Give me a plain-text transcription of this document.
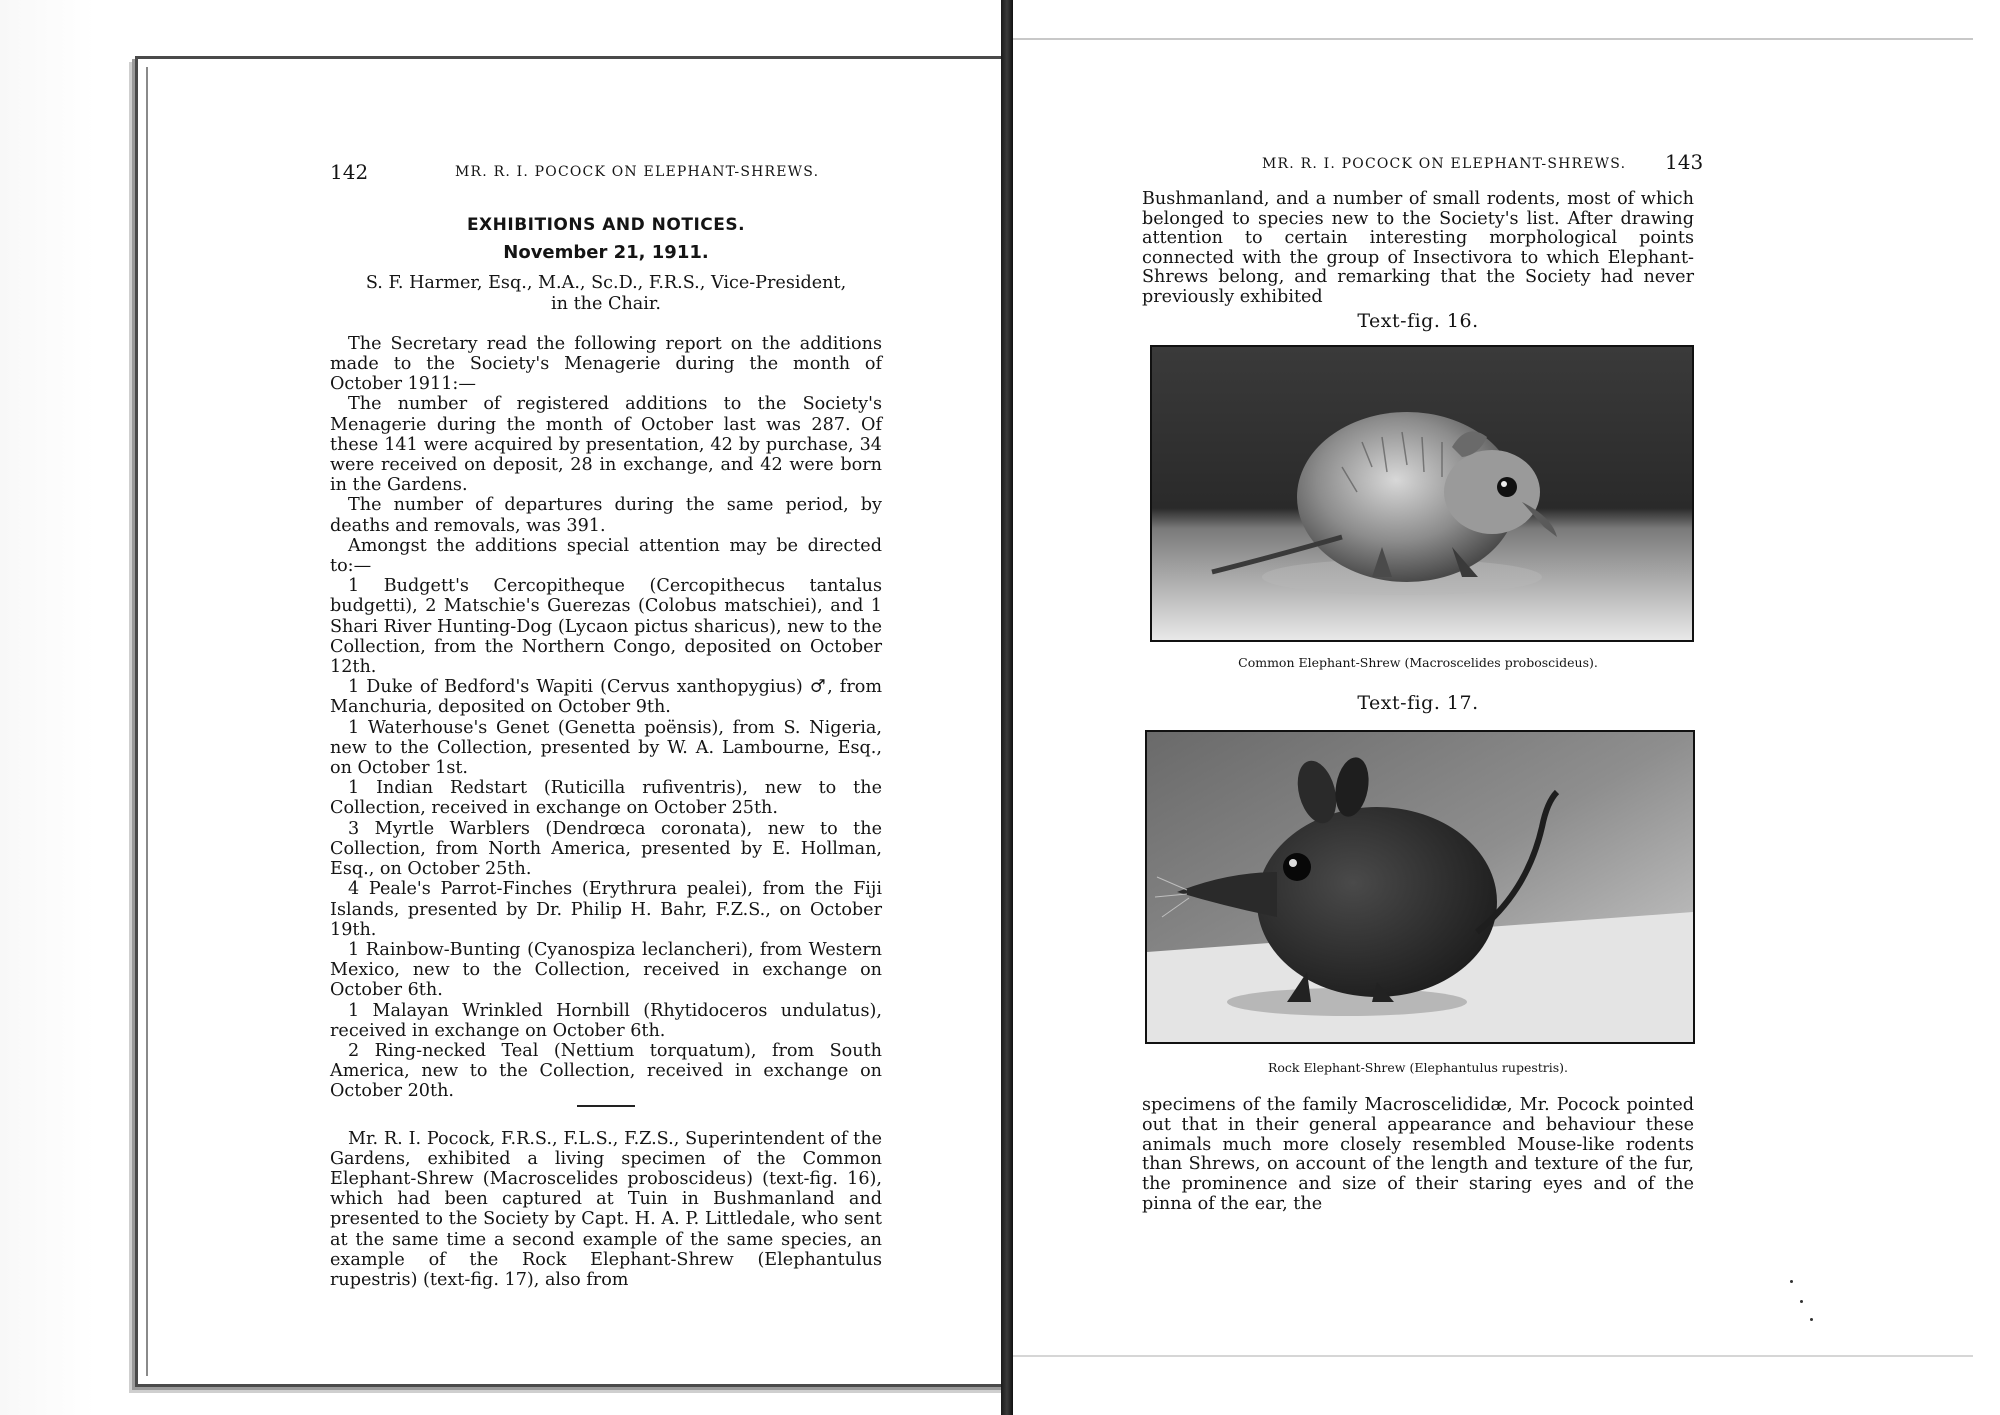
142	MR. R. I. POCOCK ON ELEPHANT-SHREWS.

EXHIBITIONS AND NOTICES.

November 21, 1911.

S. F. Harmer, Esq., M.A., Sc.D., F.R.S., Vice-President,

in the Chair.

The Secretary read the following report on the additions made to the Society's Menagerie during the month of October 1911:—

The number of registered additions to the Society's Menagerie during the month of October last was 287. Of these 141 were acquired by presentation, 42 by purchase, 34 were received on deposit, 28 in exchange, and 42 were born in the Gardens.

The number of departures during the same period, by deaths and removals, was 391.

Amongst the additions special attention may be directed to:—

1 Budgett's Cercopitheque (Cercopithecus tantalus budgetti), 2 Matschie's Guerezas (Colobus matschiei), and 1 Shari River Hunting-Dog (Lycaon pictus sharicus), new to the Collection, from the Northern Congo, deposited on October 12th.

1 Duke of Bedford's Wapiti (Cervus xanthopygius) ♂, from Manchuria, deposited on October 9th.

1 Waterhouse's Genet (Genetta poënsis), from S. Nigeria, new to the Collection, presented by W. A. Lambourne, Esq., on October 1st.

1 Indian Redstart (Ruticilla rufiventris), new to the Collection, received in exchange on October 25th.

3 Myrtle Warblers (Dendrœca coronata), new to the Collection, from North America, presented by E. Hollman, Esq., on October 25th.

4 Peale's Parrot-Finches (Erythrura pealei), from the Fiji Islands, presented by Dr. Philip H. Bahr, F.Z.S., on October 19th.

1 Rainbow-Bunting (Cyanospiza leclancheri), from Western Mexico, new to the Collection, received in exchange on October 6th.

1 Malayan Wrinkled Hornbill (Rhytidoceros undulatus), received in exchange on October 6th.

2 Ring-necked Teal (Nettium torquatum), from South America, new to the Collection, received in exchange on October 20th.

Mr. R. I. Pocock, F.R.S., F.L.S., F.Z.S., Superintendent of the Gardens, exhibited a living specimen of the Common Elephant-Shrew (Macroscelides proboscideus) (text-fig. 16), which had been captured at Tuin in Bushmanland and presented to the Society by Capt. H. A. P. Littledale, who sent at the same time a second example of the same species, an example of the Rock Elephant-Shrew (Elephantulus rupestris) (text-fig. 17), also from

MR. R. I. POCOCK ON ELEPHANT-SHREWS. 143

Bushmanland, and a number of small rodents, most of which belonged to species new to the Society's list. After drawing attention to certain interesting morphological points connected with the group of Insectivora to which Elephant-Shrews belong, and remarking that the Society had never previously exhibited

Text-fig. 16.
Common Elephant-Shrew (Macroscelides proboscideus).
Text-fig. 17.
Rock Elephant-Shrew (Elephantulus rupestris).

specimens of the family Macroscelididæ, Mr. Pocock pointed out that in their general appearance and behaviour these animals much more closely resembled Mouse-like rodents than Shrews, on account of the length and texture of the fur, the prominence and size of their staring eyes and of the pinna of the ear, the
